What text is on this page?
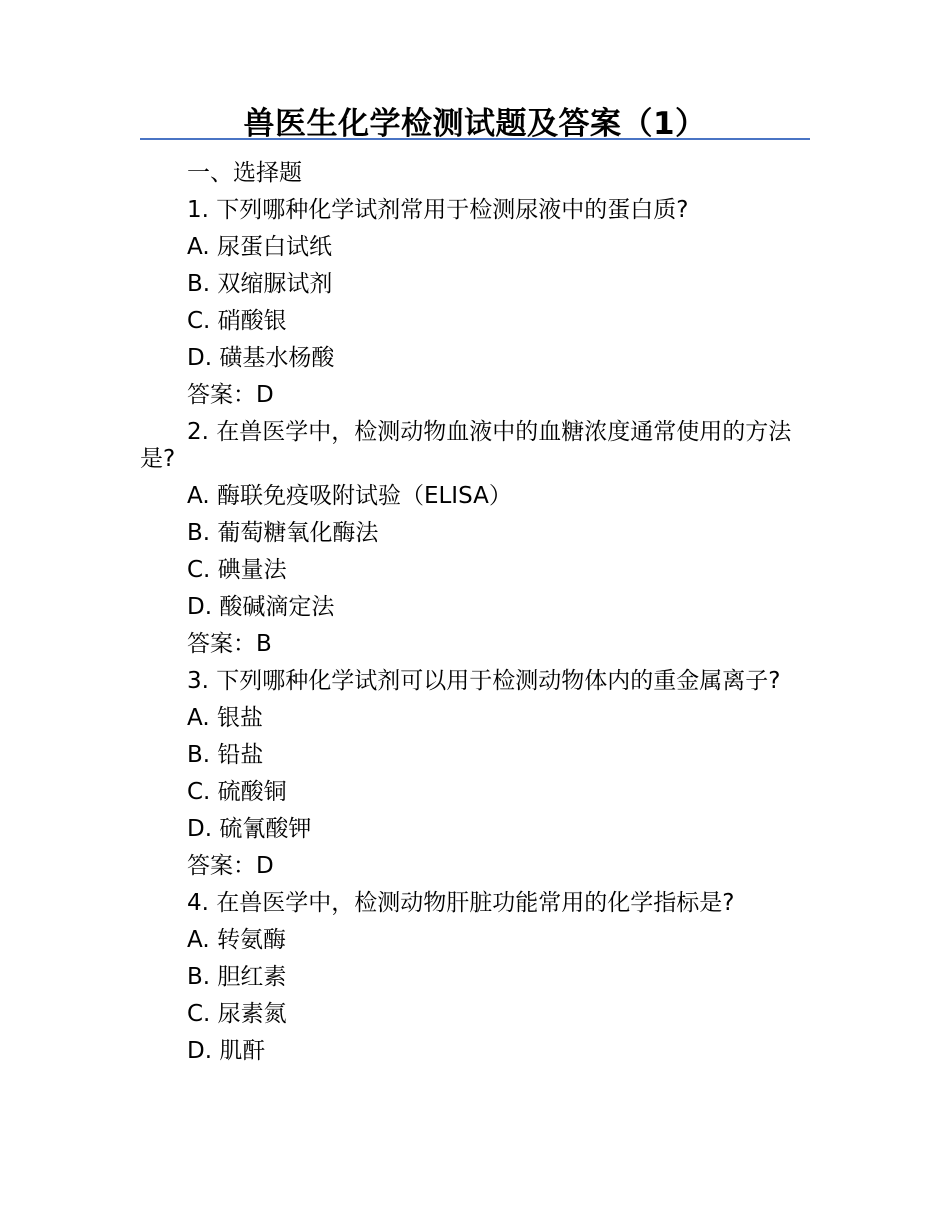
兽医生化学检测试题及答案（1）
一、选择题
1. 下列哪种化学试剂常用于检测尿液中的蛋白质?
A. 尿蛋白试纸
B. 双缩脲试剂
C. 硝酸银
D. 磺基水杨酸
答案：D
2. 在兽医学中，检测动物血液中的血糖浓度通常使用的方法是?
A. 酶联免疫吸附试验（ELISA）
B. 葡萄糖氧化酶法
C. 碘量法
D. 酸碱滴定法
答案：B
3. 下列哪种化学试剂可以用于检测动物体内的重金属离子?
A. 银盐
B. 铅盐
C. 硫酸铜
D. 硫氰酸钾
答案：D
4. 在兽医学中，检测动物肝脏功能常用的化学指标是?
A. 转氨酶
B. 胆红素
C. 尿素氮
D. 肌酐
